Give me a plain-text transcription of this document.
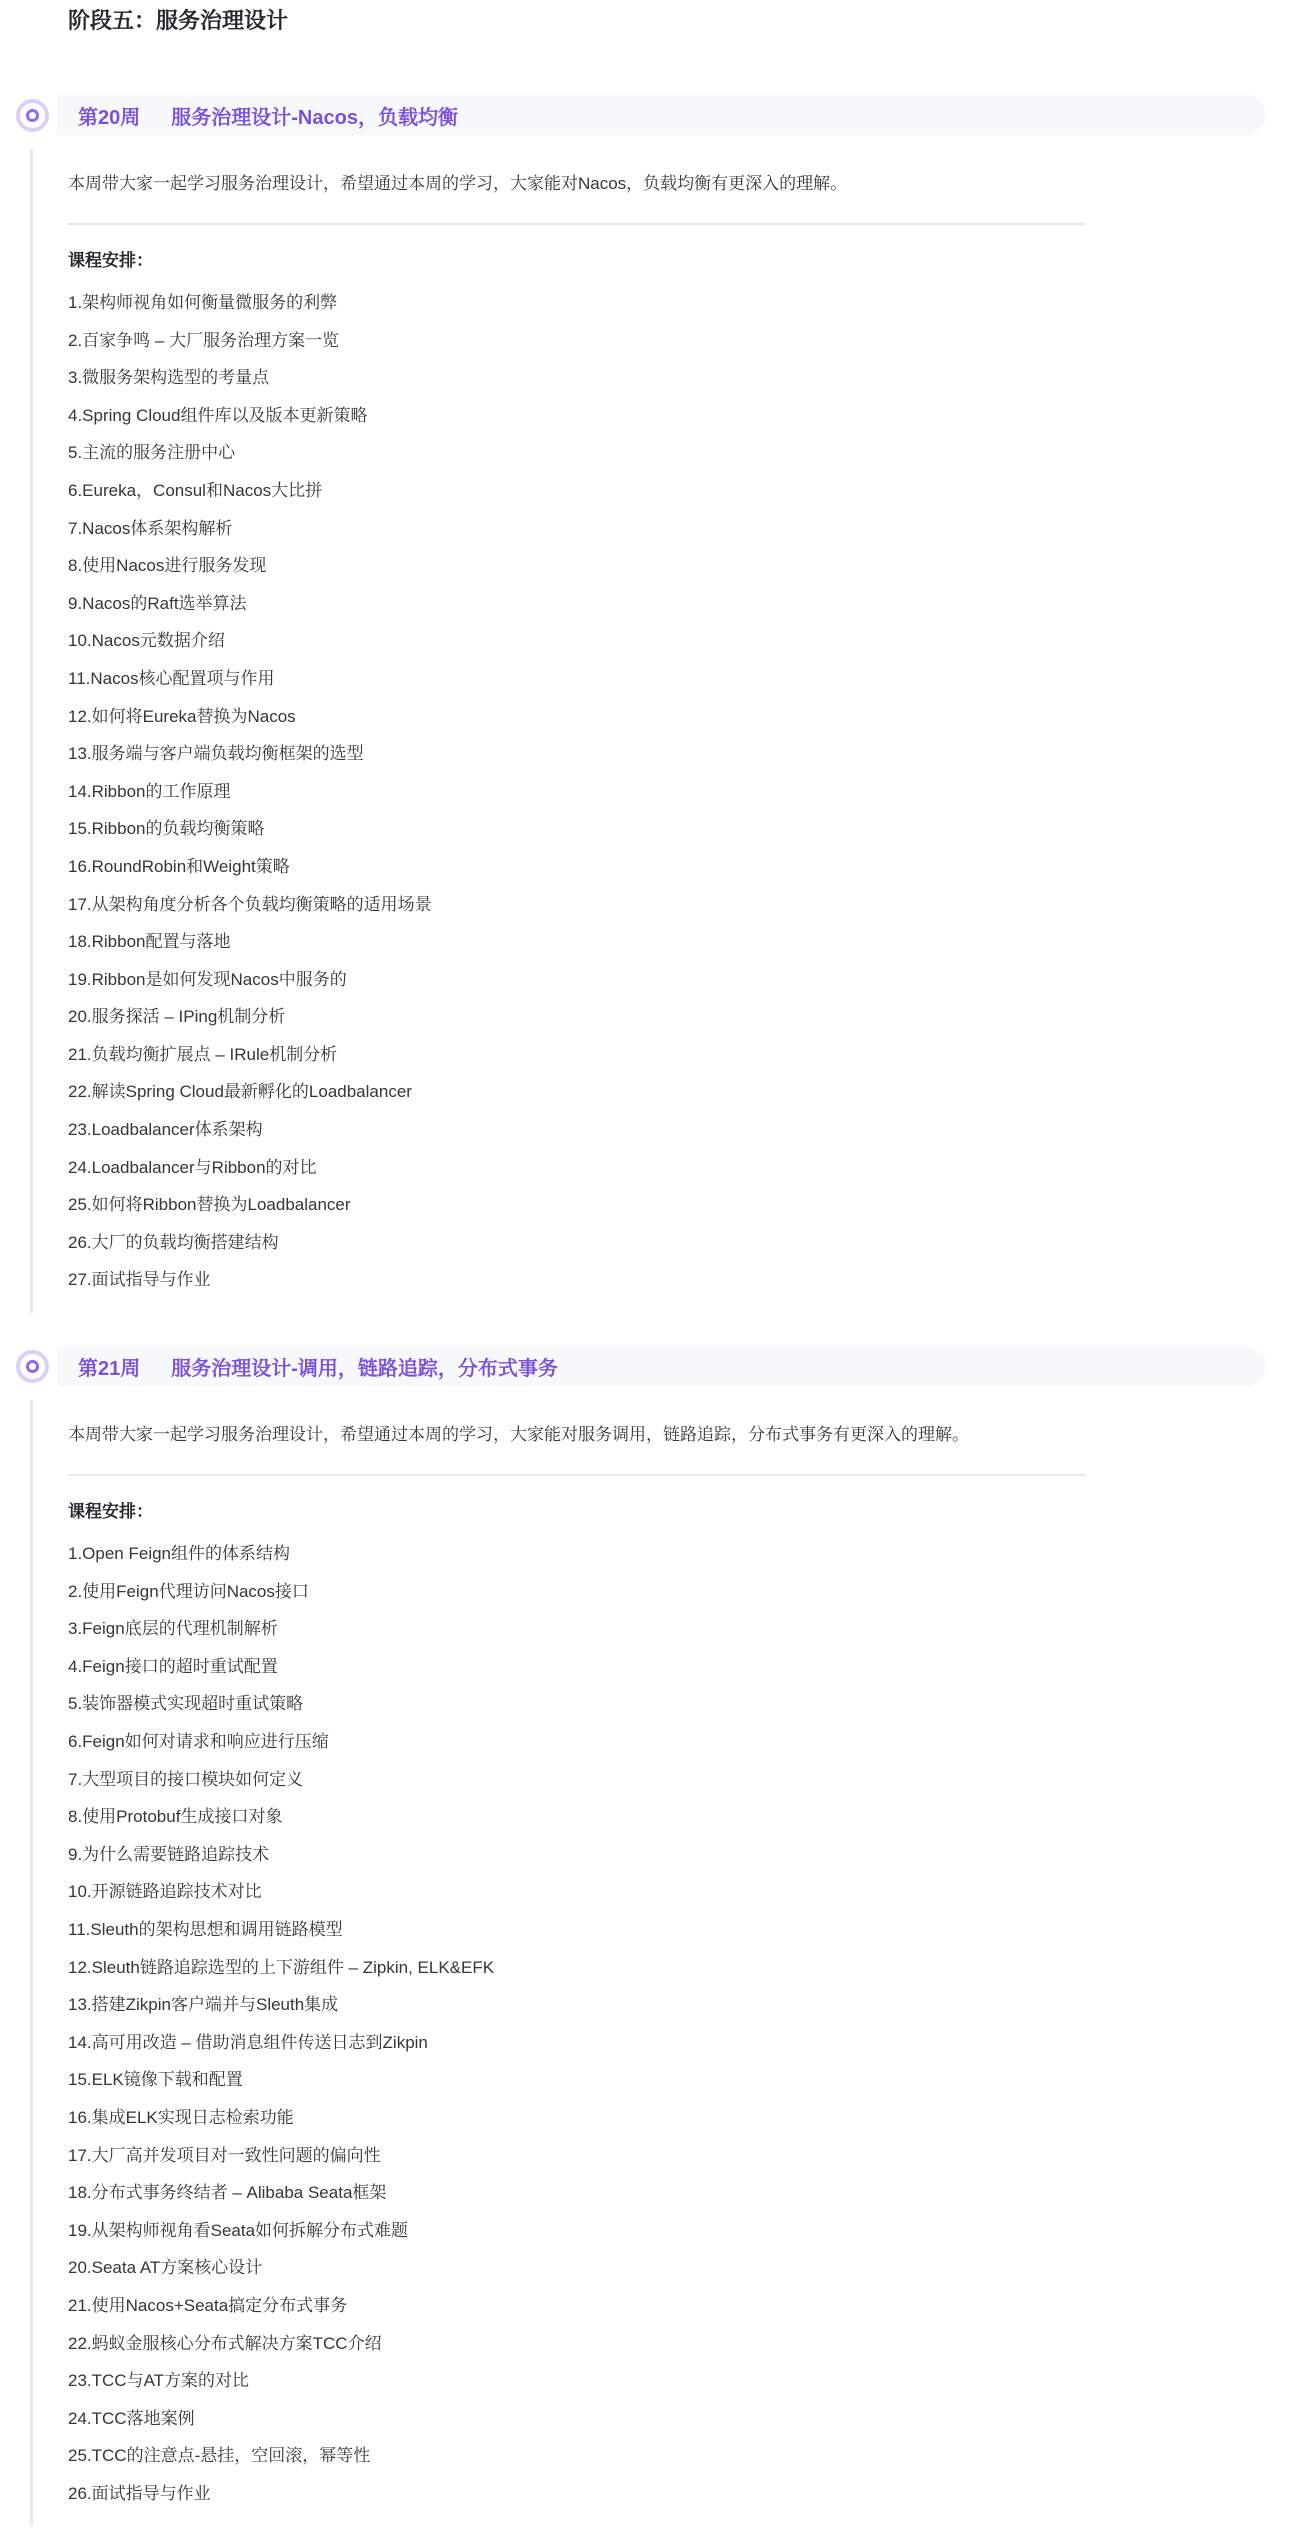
阶段五：服务治理设计
第20周 服务治理设计-Nacos，负载均衡

本周带大家一起学习服务治理设计，希望通过本周的学习，大家能对Nacos，负载均衡有更深入的理解。

课程安排：
1.架构师视角如何衡量微服务的利弊
2.百家争鸣 – 大厂服务治理方案一览
3.微服务架构选型的考量点
4.Spring Cloud组件库以及版本更新策略
5.主流的服务注册中心
6.Eureka，Consul和Nacos大比拼
7.Nacos体系架构解析
8.使用Nacos进行服务发现
9.Nacos的Raft选举算法
10.Nacos元数据介绍
11.Nacos核心配置项与作用
12.如何将Eureka替换为Nacos
13.服务端与客户端负载均衡框架的选型
14.Ribbon的工作原理
15.Ribbon的负载均衡策略
16.RoundRobin和Weight策略
17.从架构角度分析各个负载均衡策略的适用场景
18.Ribbon配置与落地
19.Ribbon是如何发现Nacos中服务的
20.服务探活 – IPing机制分析
21.负载均衡扩展点 – IRule机制分析
22.解读Spring Cloud最新孵化的Loadbalancer
23.Loadbalancer体系架构
24.Loadbalancer与Ribbon的对比
25.如何将Ribbon替换为Loadbalancer
26.大厂的负载均衡搭建结构
27.面试指导与作业
第21周 服务治理设计-调用，链路追踪，分布式事务

本周带大家一起学习服务治理设计，希望通过本周的学习，大家能对服务调用，链路追踪，分布式事务有更深入的理解。

课程安排：
1.Open Feign组件的体系结构
2.使用Feign代理访问Nacos接口
3.Feign底层的代理机制解析
4.Feign接口的超时重试配置
5.装饰器模式实现超时重试策略
6.Feign如何对请求和响应进行压缩
7.大型项目的接口模块如何定义
8.使用Protobuf生成接口对象
9.为什么需要链路追踪技术
10.开源链路追踪技术对比
11.Sleuth的架构思想和调用链路模型
12.Sleuth链路追踪选型的上下游组件 – Zipkin, ELK&EFK
13.搭建Zikpin客户端并与Sleuth集成
14.高可用改造 – 借助消息组件传送日志到Zikpin
15.ELK镜像下载和配置
16.集成ELK实现日志检索功能
17.大厂高并发项目对一致性问题的偏向性
18.分布式事务终结者 – Alibaba Seata框架
19.从架构师视角看Seata如何拆解分布式难题
20.Seata AT方案核心设计
21.使用Nacos+Seata搞定分布式事务
22.蚂蚁金服核心分布式解决方案TCC介绍
23.TCC与AT方案的对比
24.TCC落地案例
25.TCC的注意点-悬挂，空回滚，幂等性
26.面试指导与作业
